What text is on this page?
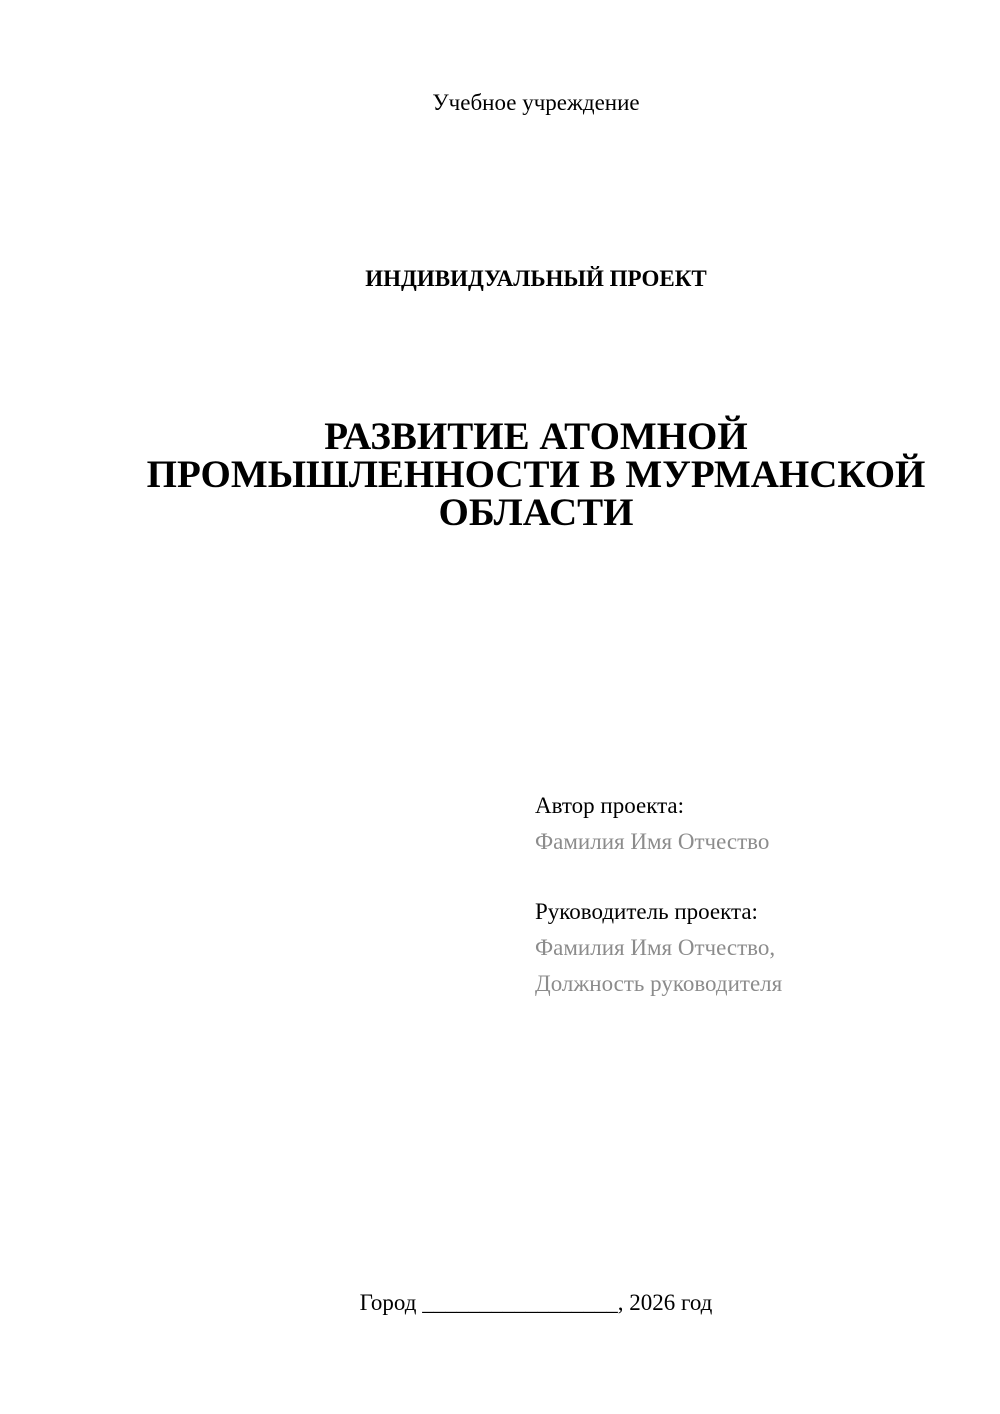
Учебное учреждение
ИНДИВИДУАЛЬНЫЙ ПРОЕКТ
РАЗВИТИЕ АТОМНОЙ
ПРОМЫШЛЕННОСТИ В МУРМАНСКОЙ
ОБЛАСТИ
Автор проекта:
Фамилия Имя Отчество
Руководитель проекта:
Фамилия Имя Отчество,
Должность руководителя
Город _________________, 2026 год
